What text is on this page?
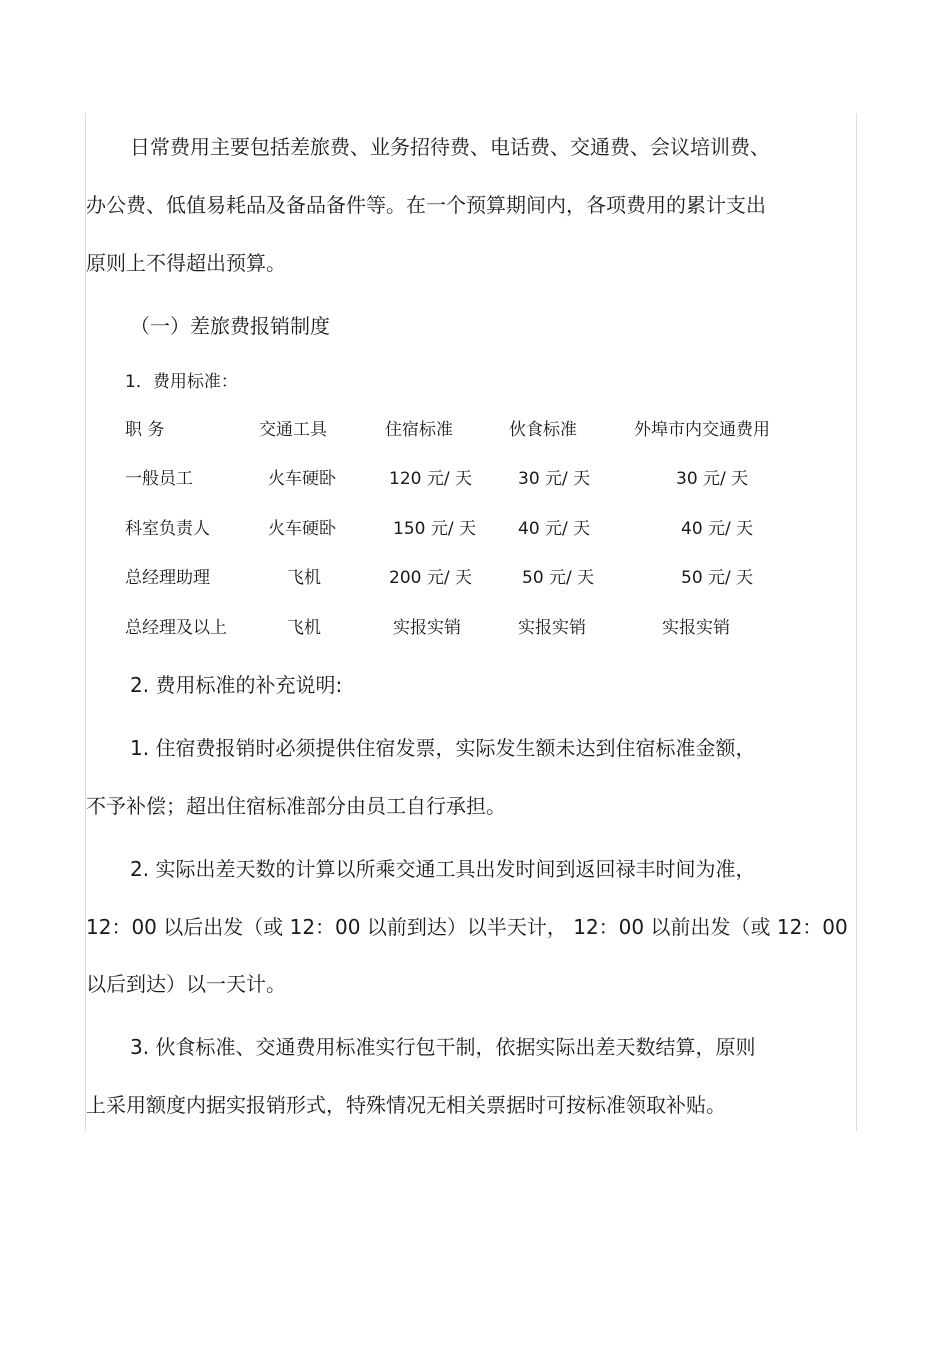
日常费用主要包括差旅费、业务招待费、电话费、交通费、会议培训费、
办公费、低值易耗品及备品备件等。在一个预算期间内，各项费用的累计支出
原则上不得超出预算。
（一）差旅费报销制度
1．费用标准：
职 务	交通工具	住宿标准	伙食标准	外埠市内交通费用
一般员工	火车硬卧	120 元/ 天	30 元/ 天	30 元/ 天
科室负责人	火车硬卧	150 元/ 天 40 元/ 天	40 元/ 天
总经理助理	飞机	200 元/ 天	50 元/ 天	50 元/ 天
总经理及以上	飞机	实报实销	实报实销	实报实销
2. 费用标准的补充说明:
1. 住宿费报销时必须提供住宿发票，实际发生额未达到住宿标准金额，
不予补偿；超出住宿标准部分由员工自行承担。
2. 实际出差天数的计算以所乘交通工具出发时间到返回禄丰时间为准，
12：00 以后出发（或 12：00 以前到达）以半天计， 12：00 以前出发（或 12：00
以后到达）以一天计。
3. 伙食标准、交通费用标准实行包干制，依据实际出差天数结算，原则
上采用额度内据实报销形式，特殊情况无相关票据时可按标准领取补贴。
